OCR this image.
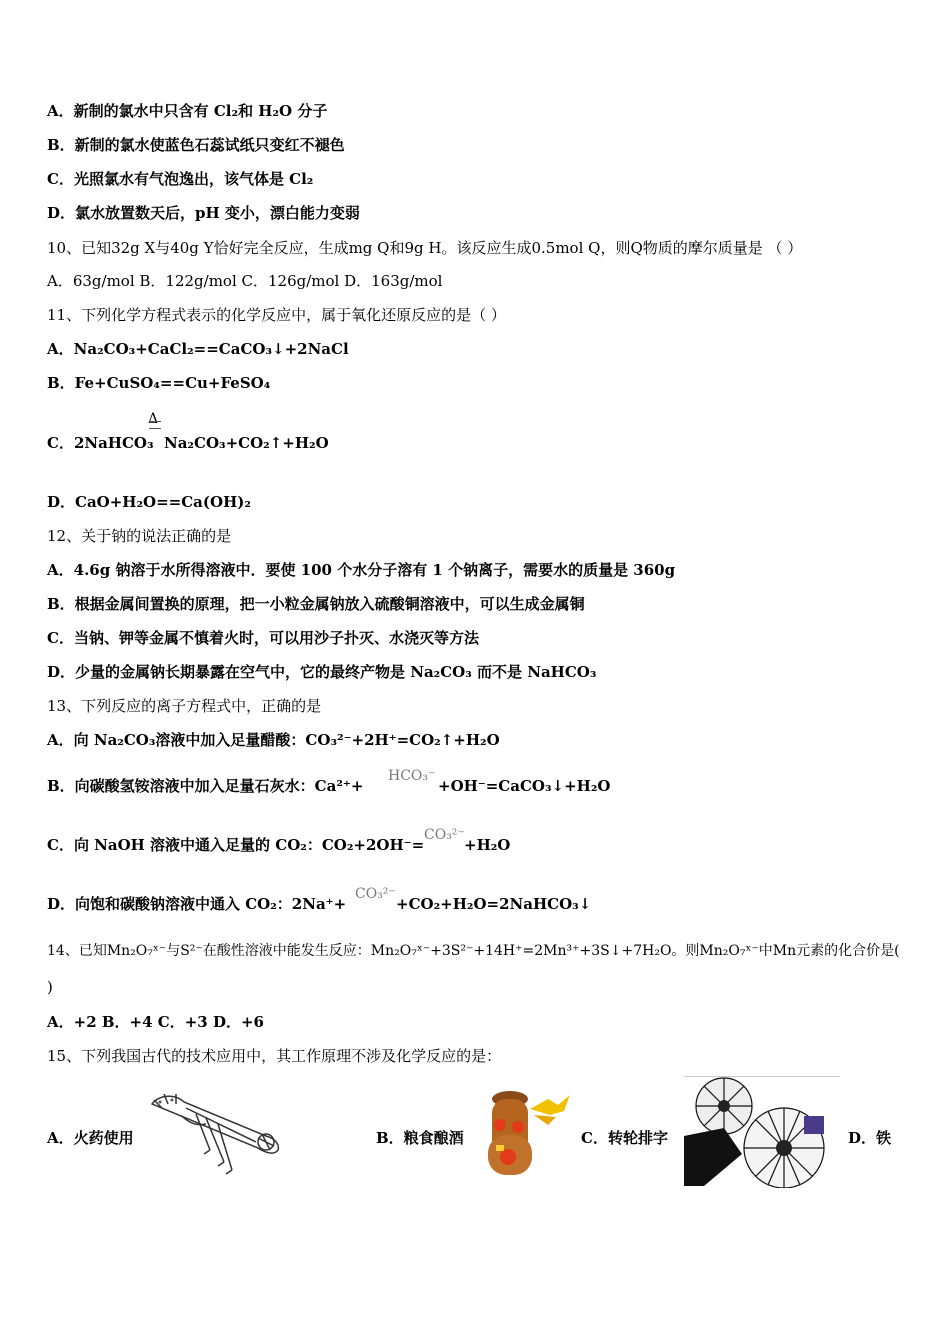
A．新制的氯水中只含有 Cl₂和 H₂O 分子
B．新制的氯水使蓝色石蕊试纸只变红不褪色
C．光照氯水有气泡逸出，该气体是 Cl₂
D．氯水放置数天后，pH 变小，漂白能力变弱
10、已知32g X与40g Y恰好完全反应，生成mg Q和9g H。该反应生成0.5mol Q，则Q物质的摩尔质量是 （ ）
A．63g/mol B．122g/mol C．126g/mol D．163g/mol
11、下列化学方程式表示的化学反应中，属于氧化还原反应的是（ ）
A．Na₂CO₃+CaCl₂==CaCO₃↓+2NaCl
B．Fe+CuSO₄==Cu+FeSO₄
Δ
C．2NaHCO₃ Na₂CO₃+CO₂↑+H₂O
D．CaO+H₂O==Ca(OH)₂
12、关于钠的说法正确的是
A．4.6g 钠溶于水所得溶液中．要使 100 个水分子溶有 1 个钠离子，需要水的质量是 360g
B．根据金属间置换的原理，把一小粒金属钠放入硫酸铜溶液中，可以生成金属铜
C．当钠、钾等金属不慎着火时，可以用沙子扑灭、水浇灭等方法
D．少量的金属钠长期暴露在空气中，它的最终产物是 Na₂CO₃ 而不是 NaHCO₃
13、下列反应的离子方程式中，正确的是
A．向 Na₂CO₃溶液中加入足量醋酸：CO₃²⁻+2H⁺=CO₂↑+H₂O
B．向碳酸氢铵溶液中加入足量石灰水：Ca²⁺+
HCO₃⁻
+OH⁻=CaCO₃↓+H₂O
C．向 NaOH 溶液中通入足量的 CO₂：CO₂+2OH⁻=
CO₃²⁻
+H₂O
D．向饱和碳酸钠溶液中通入 CO₂：2Na⁺+
CO₃²⁻
+CO₂+H₂O=2NaHCO₃↓
14、已知Mn₂O₇ˣ⁻与S²⁻在酸性溶液中能发生反应：Mn₂O₇ˣ⁻+3S²⁻+14H⁺=2Mn³⁺+3S↓+7H₂O。则Mn₂O₇ˣ⁻中Mn元素的化合价是(
)
A．+2 B．+4 C．+3 D．+6
15、下列我国古代的技术应用中，其工作原理不涉及化学反应的是：
A．火药使用	B．粮食酿酒	C．转轮排字	D．铁
